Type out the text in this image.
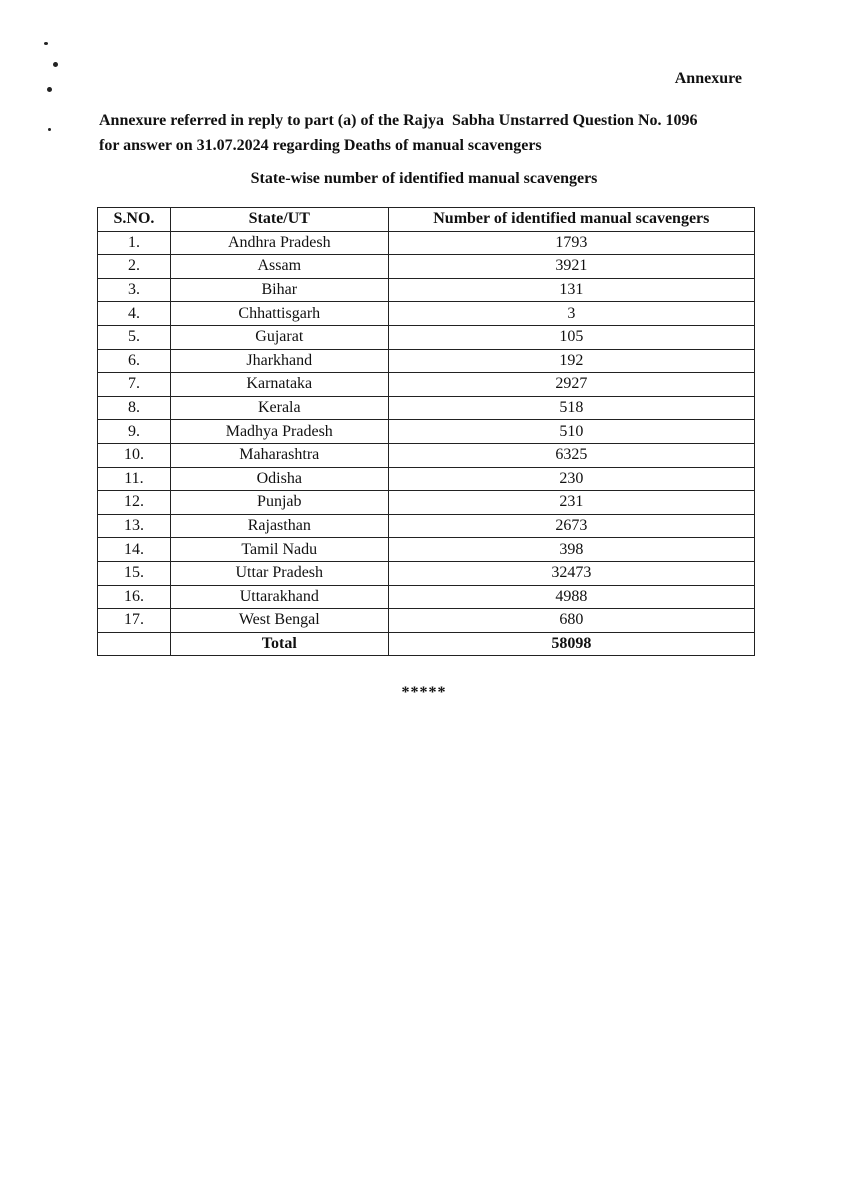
Annexure
Annexure referred in reply to part (a) of the Rajya  Sabha Unstarred Question No. 1096
for answer on 31.07.2024 regarding Deaths of manual scavengers
State-wise number of identified manual scavengers
S.NO.	State/UT	Number of identified manual scavengers
1.	Andhra Pradesh	1793
2.	Assam	3921
3.	Bihar	131
4.	Chhattisgarh	3
5.	Gujarat	105
6.	Jharkhand	192
7.	Karnataka	2927
8.	Kerala	518
9.	Madhya Pradesh	510
10.	Maharashtra	6325
11.	Odisha	230
12.	Punjab	231
13.	Rajasthan	2673
14.	Tamil Nadu	398
15.	Uttar Pradesh	32473
16.	Uttarakhand	4988
17.	West Bengal	680
	Total	58098
*****
